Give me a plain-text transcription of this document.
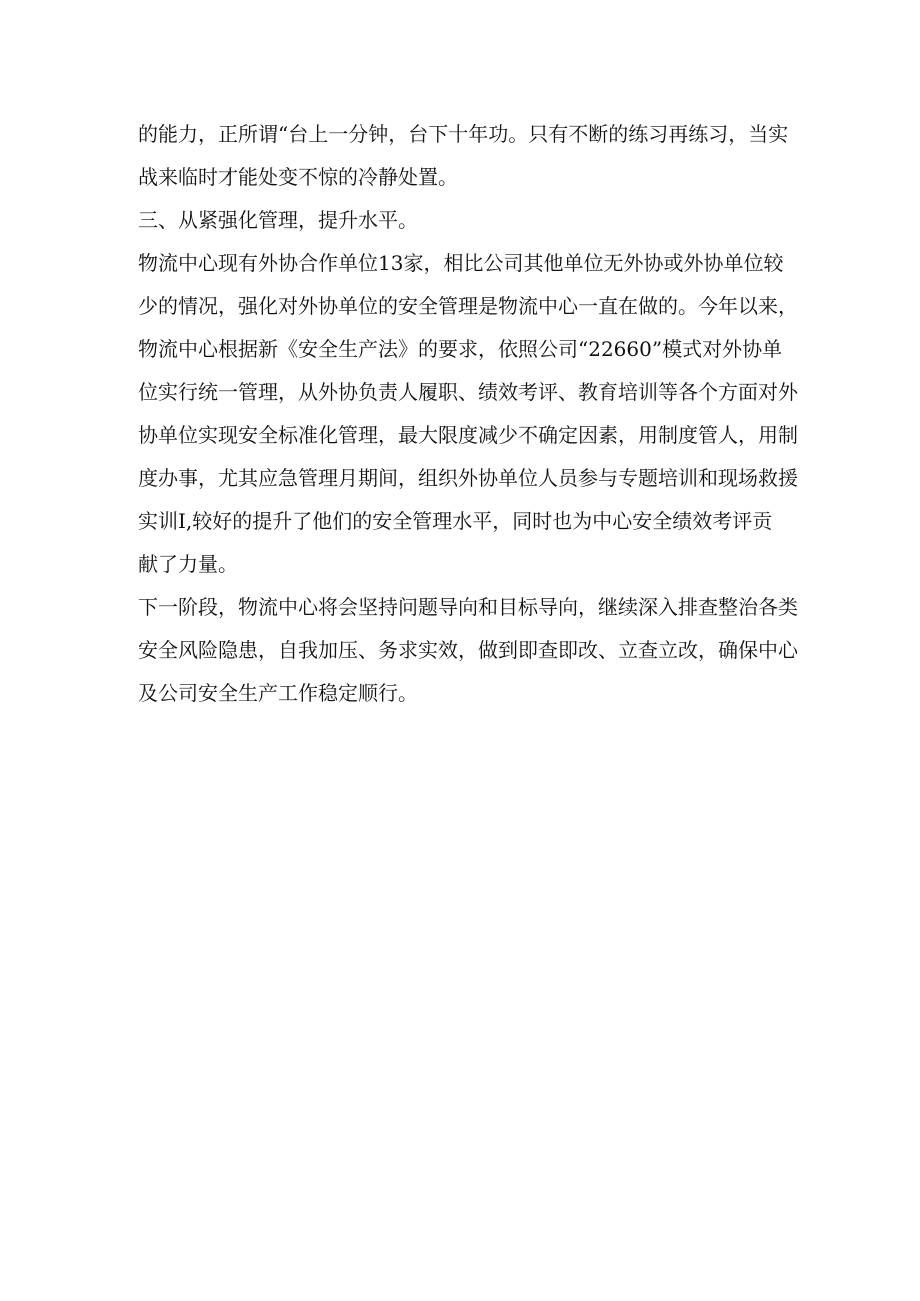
的能力，正所谓“台上一分钟，台下十年功。只有不断的练习再练习，当实
战来临时才能处变不惊的冷静处置。

三、从紧强化管理，提升水平。

物流中心现有外协合作单位13家，相比公司其他单位无外协或外协单位较
少的情况，强化对外协单位的安全管理是物流中心一直在做的。今年以来，
物流中心根据新《安全生产法》的要求，依照公司“22660”模式对外协单
位实行统一管理，从外协负责人履职、绩效考评、教育培训等各个方面对外
协单位实现安全标准化管理，最大限度减少不确定因素，用制度管人，用制
度办事，尤其应急管理月期间，组织外协单位人员参与专题培训和现场救援
实训I,较好的提升了他们的安全管理水平，同时也为中心安全绩效考评贡
献了力量。

下一阶段，物流中心将会坚持问题导向和目标导向，继续深入排查整治各类
安全风险隐患，自我加压、务求实效，做到即查即改、立查立改，确保中心
及公司安全生产工作稳定顺行。
